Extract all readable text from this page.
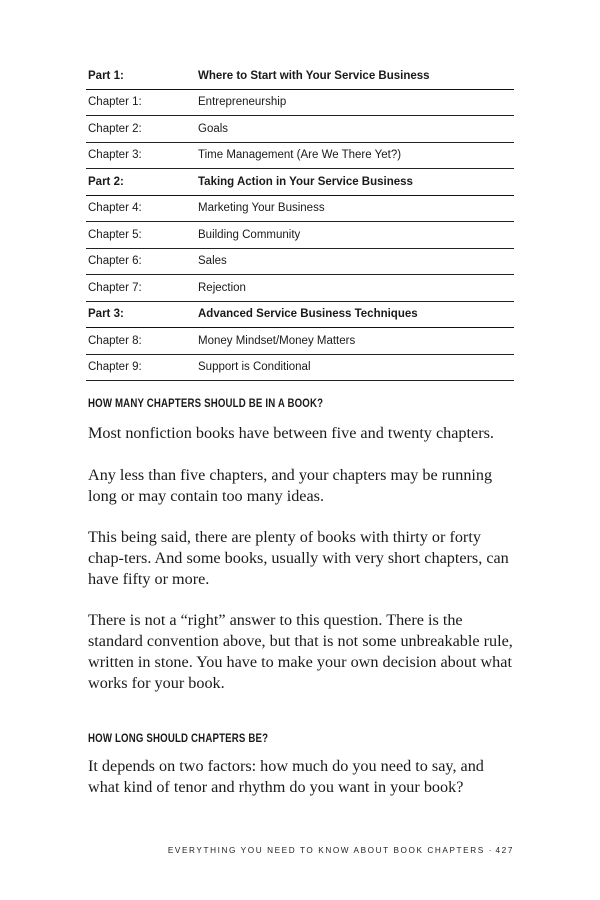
Part 1:	Where to Start with Your Service Business
Chapter 1:	Entrepreneurship
Chapter 2:	Goals
Chapter 3:	Time Management (Are We There Yet?)
Part 2:	Taking Action in Your Service Business
Chapter 4:	Marketing Your Business
Chapter 5:	Building Community
Chapter 6:	Sales
Chapter 7:	Rejection
Part 3:	Advanced Service Business Techniques
Chapter 8:	Money Mindset/Money Matters
Chapter 9:	Support is Conditional
HOW MANY CHAPTERS SHOULD BE IN A BOOK?

Most nonfiction books have between five and twenty chapters.

Any less than five chapters, and your chapters may be running long or may contain too many ideas.

This being said, there are plenty of books with thirty or forty chap-ters. And some books, usually with very short chapters, can have fifty or more.

There is not a “right” answer to this question. There is the standard convention above, but that is not some unbreakable rule, written in stone. You have to make your own decision about what works for your book.

HOW LONG SHOULD CHAPTERS BE?

It depends on two factors: how much do you need to say, and what kind of tenor and rhythm do you want in your book?

EVERYTHING YOU NEED TO KNOW ABOUT BOOK CHAPTERS · 427
